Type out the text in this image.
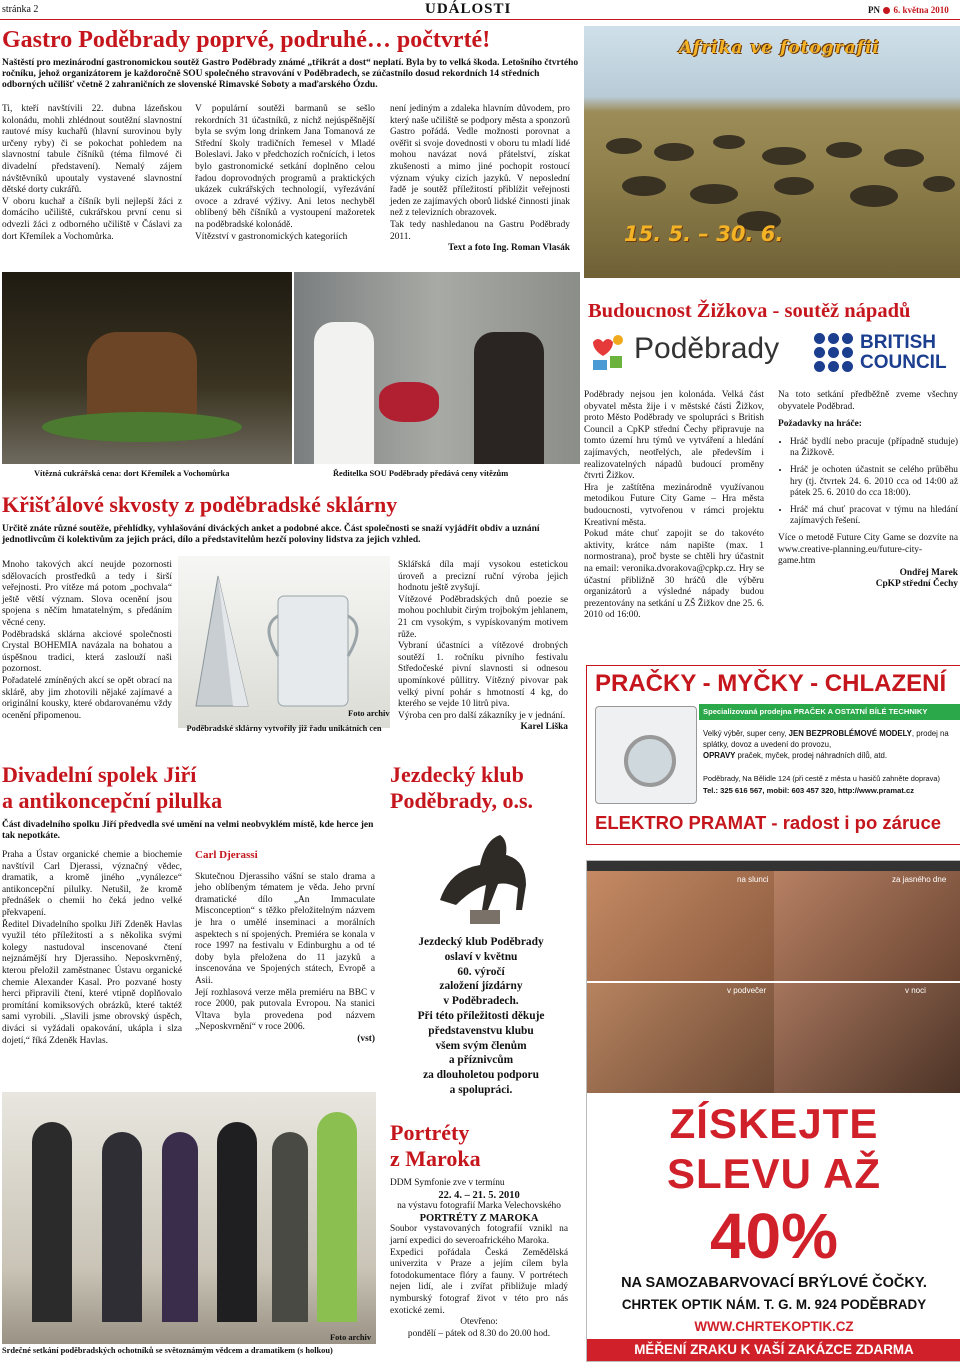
stránka 2	UDÁLOSTI	PN 6. května 2010
Gastro Poděbrady poprvé, podruhé… počtvrté!
Naštěstí pro mezinárodní gastronomickou soutěž Gastro Poděbrady známé „třikrát a dost“ neplatí. Byla by to velká škoda. Letošního čtvrtého ročníku, jehož organizátorem je každoročně SOU společného stravování v Poděbradech, se zúčastnilo dosud rekordních 14 středních odborných učilišť včetně 2 zahraničních ze slovenské Rimavské Soboty a maďarského Ózdu.

Ti, kteří navštívili 22. dubna lázeňskou kolonádu, mohli zhlédnout soutěžní slavnostní rautové mísy kuchařů (hlavní surovinou byly určeny ryby) či se pokochat pohledem na slavnostní tabule číšníků (téma filmové či divadelní představení). Nemalý zájem návštěvníků upoutaly vystavené slavnostní dětské dorty cukrářů.

V oboru kuchař a číšník byli nejlepší žáci z domácího učiliště, cukrářskou první cenu si odvezli žáci z odborného učiliště v Čáslavi za dort Křemílek a Vochomůrka.

V populární soutěži barmanů se sešlo rekordních 31 účastníků, z nichž nejúspěšnější byla se svým long drinkem Jana Tomanová ze Střední školy tradičních řemesel v Mladé Boleslavi. Jako v předchozích ročnících, i letos bylo gastronomické setkání doplněno celou řadou doprovodných programů a praktických ukázek cukrářských technologií, vyřezávání ovoce a zdravé výživy. Ani letos nechyběl oblíbený běh číšníků a vystoupení mažoretek na poděbradské kolonádě.

Vítězství v gastronomických kategoriích

není jediným a zdaleka hlavním důvodem, pro který naše učiliště se podpory města a sponzorů Gastro pořádá. Vedle možnosti porovnat a ověřit si svoje dovednosti v oboru tu mladí lidé mohou navázat nová přátelství, získat zkušenosti a mimo jiné pochopit rostoucí význam výuky cizích jazyků. V neposlední řadě je soutěž příležitostí přiblížit veřejnosti jeden ze zajímavých oborů lidské činnosti jinak než z televizních obrazovek.

Tak tedy nashledanou na Gastru Poděbrady 2011.

Text a foto Ing. Roman Vlasák

Afrika ve fotografii
15. 5. – 30. 6.
Vítězná cukrářská cena: dort Křemílek a Vochomůrka	Ředitelka SOU Poděbrady předává ceny vítězům
Budoucnost Žižkova - soutěž nápadů
Poděbrady	BRITISH
COUNCIL

Poděbrady nejsou jen kolonáda. Velká část obyvatel města žije i v městské části Žižkov, proto Město Poděbrady ve spolupráci s British Council a CpKP střední Čechy připravuje na tomto území hru týmů ve vytváření a hledání zajímavých, neotřelých, ale především i realizovatelných nápadů budoucí proměny čtvrti Žižkov.

Hra je zaštítěna mezinárodně využívanou metodikou Future City Game – Hra města budoucnosti, vytvořenou v rámci projektu Kreativní města.

Pokud máte chuť zapojit se do takovéto aktivity, krátce nám napište (max. 1 normostrana), proč byste se chtěli hry účastnit na email: veronika.dvorakova@cpkp.cz. Hry se účastní přibližně 30 hráčů dle výběru organizátorů a výsledné nápady budou prezentovány na setkání u ZŠ Žižkov dne 25. 6. 2010 od 16:00.

Na toto setkání předběžně zveme všechny obyvatele Poděbrad.

Požadavky na hráče:

• Hráč bydlí nebo pracuje (případně studuje) na Žižkově.
• Hráč je ochoten účastnit se celého průběhu hry (tj. čtvrtek 24. 6. 2010 cca od 14:00 až pátek 25. 6. 2010 do cca 18:00).
• Hráč má chuť pracovat v týmu na hledání zajímavých řešení.

Více o metodě Future City Game se dozvíte na www.creative-planning.eu/future-city-game.htm

Ondřej Marek

CpKP střední Čechy

Křišťálové skvosty z poděbradské sklárny
Určitě znáte různé soutěže, přehlídky, vyhlašování diváckých anket a podobné akce. Část společnosti se snaží vyjádřit obdiv a uznání jednotlivcům či kolektivům za jejich práci, dílo a představitelům hezčí poloviny lidstva za jejich vzhled.

Mnoho takových akcí neujde pozornosti sdělovacích prostředků a tedy i širší veřejnosti. Pro vítěze má potom „pochvala“ ještě větší význam. Slova ocenění jsou spojena s něčím hmatatelným, s předáním věcné ceny.

Poděbradská sklárna akciové společnosti Crystal BOHEMIA navázala na bohatou a úspěšnou tradici, která zaslouží naši pozornost.

Pořadatelé zmíněných akcí se opět obrací na sklárě, aby jim zhotovili nějaké zajímavé a originální kousky, které obdarovanému vždy ocenění připomenou.	Foto archiv
Poděbradské sklárny vytvořily již řadu unikátních cen

Sklářská díla mají vysokou estetickou úroveň a precizní ruční výroba jejich hodnotu ještě zvyšují.

Vítězové Poděbradských dnů poezie se mohou pochlubit čirým trojbokým jehlanem, 21 cm vysokým, s vypískovaným motivem růže.

Vybraní účastníci a vítězové drobných soutěží 1. ročníku pivního festivalu Středočeské pivní slavnosti si odnesou upomínkové půllitry. Vítězný pivovar pak velký pivní pohár s hmotností 4 kg, do kterého se vejde 10 litrů piva.

Výroba cen pro další zákazníky je v jednání.

Karel Liška

PRAČKY - MYČKY - CHLAZENÍ
Specializovaná prodejna PRAČEK A OSTATNÍ BÍLÉ TECHNIKY
Velký výběr, super ceny, JEN BEZPROBLÉMOVÉ MODELY, prodej na splátky, dovoz a uvedení do provozu,
OPRAVY praček, myček, prodej náhradních dílů, atd.
Poděbrady, Na Bělidle 124 (při cestě z města u hasičů zahněte doprava)
Tel.: 325 616 567, mobil: 603 457 320, http://www.pramat.cz
ELEKTRO PRAMAT - radost i po záruce
Divadelní spolek Jiří
a antikoncepční pilulka
Část divadelního spolku Jiří předvedla své umění na velmi neobvyklém místě, kde herce jen tak nepotkáte.

Praha a Ústav organické chemie a biochemie navštívil Carl Djerassi, význačný vědec, dramatik, a kromě jiného „vynálezce“ antikoncepční pilulky. Netušil, že kromě přednášek o chemii ho čeká jedno velké překvapení.

Ředitel Divadelního spolku Jiří Zdeněk Havlas využil této příležitosti a s několika svými kolegy nastudoval inscenované čtení nejznámější hry Djerassiho. Neposkvrněný, kterou přeložil zaměstnanec Ústavu organické chemie Alexander Kasal. Pro pozvané hosty herci připravili čtení, které vtipně doplňovalo promítání komiksových obrázků, které taktéž sami vyrobili. „Slavili jsme obrovský úspěch, diváci si vyžádali opakování, ukápla i slza dojetí,“ říká Zdeněk Havlas.

Carl Djerassi

Skutečnou Djerassiho vášní se stalo drama a jeho oblíbeným tématem je věda. Jeho první dramatické dílo „An Immaculate Misconception“ s těžko přeložitelným názvem je hra o umělé inseminaci a morálních aspektech s ní spojených. Premiéra se konala v roce 1997 na festivalu v Edinburghu a od té doby byla přeložena do 11 jazyků a inscenována ve Spojených státech, Evropě a Asii.

Její rozhlasová verze měla premiéru na BBC v roce 2000, pak putovala Evropou. Na stanici Vltava byla provedena pod názvem „Neposkvrnění“ v roce 2006.

(vst)

Foto archiv
Srdečné setkání poděbradských ochotníků se světoznámým vědcem a dramatikem (s holkou)
Jezdecký klub
Poděbrady, o.s.
Jezdecký klub Poděbrady
oslaví v květnu
60. výročí
založení jízdárny
v Poděbradech.
Při této příležitosti děkuje
představenstvu klubu
všem svým členům
a příznivcům
za dlouholetou podporu
a spolupráci.
Portréty
z Maroka

DDM Symfonie zve v termínu

22. 4. – 21. 5. 2010

na výstavu fotografií Marka Velechovského

PORTRÉTY Z MAROKA

Soubor vystavovaných fotografií vznikl na jarní expedici do severoafrického Maroka.

Expedici pořádala Česká Zemědělská univerzita v Praze a jejím cílem byla fotodokumentace flóry a fauny. V portrétech nejen lidí, ale i zvířat přibližuje mladý nymburský fotograf život v této pro nás exotické zemi.

Otevřeno:

pondělí – pátek od 8.30 do 20.00 hod.

na slunci	za jasného dne
v podvečer	v noci
ZÍSKEJTE
SLEVU AŽ
40%
NA SAMOZABARVOVACÍ BRÝLOVÉ ČOČKY.
CHRTEK OPTIK NÁM. T. G. M. 924 PODĚBRADY
WWW.CHRTEKOPTIK.CZ
MĚŘENÍ ZRAKU K VAŠÍ ZAKÁZCE ZDARMA
